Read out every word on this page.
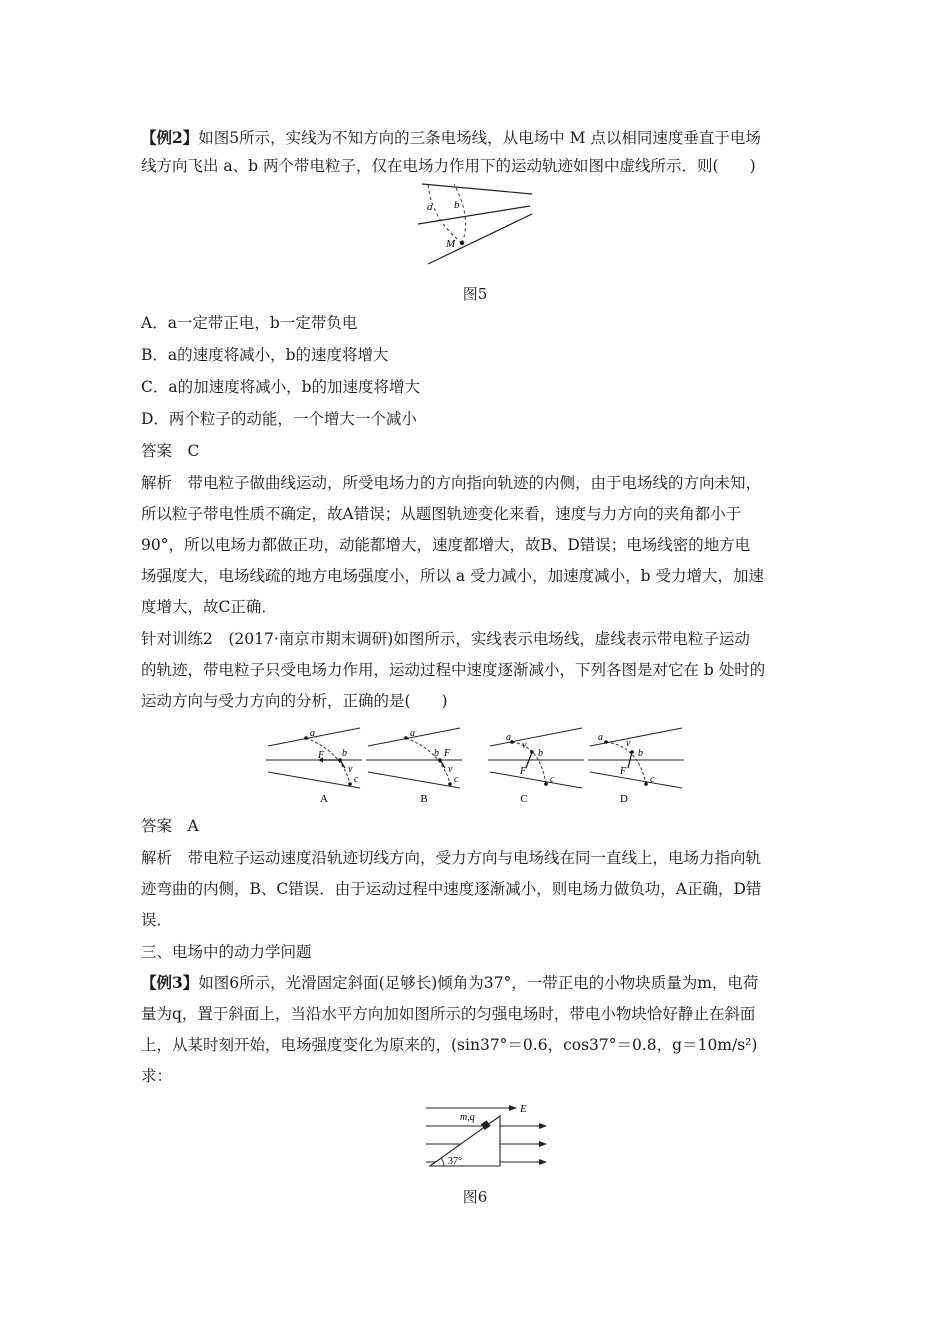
【例2】如图5所示，实线为不知方向的三条电场线，从电场中 M 点以相同速度垂直于电场
线方向飞出 a、b 两个带电粒子，仅在电场力作用下的运动轨迹如图中虚线所示．则(　　)
a b
M
图5
A．a一定带正电，b一定带负电
B．a的速度将减小，b的速度将增大
C．a的加速度将减小，b的加速度将增大
D．两个粒子的动能，一个增大一个减小
答案　C
解析　带电粒子做曲线运动，所受电场力的方向指向轨迹的内侧，由于电场线的方向未知，
所以粒子带电性质不确定，故A错误；从题图轨迹变化来看，速度与力方向的夹角都小于
90°，所以电场力都做正功，动能都增大，速度都增大，故B、D错误；电场线密的地方电
场强度大，电场线疏的地方电场强度小，所以 a 受力减小，加速度减小，b 受力增大，加速
度增大，故C正确．
针对训练2　(2017·南京市期末调研)如图所示，实线表示电场线，虚线表示带电粒子运动
的轨迹，带电粒子只受电场力作用，运动过程中速度逐渐减小，下列各图是对它在 b 处时的
运动方向与受力方向的分析，正确的是(　　)
a
F b
v
c
A
a
b F
v
c
B
a
v
b
F
c
C
a
v
b
F
c
D
答案　A
解析　带电粒子运动速度沿轨迹切线方向，受力方向与电场线在同一直线上，电场力指向轨
迹弯曲的内侧，B、C错误．由于运动过程中速度逐渐减小，则电场力做负功，A正确，D错
误．
三、电场中的动力学问题
【例3】如图6所示，光滑固定斜面(足够长)倾角为37°，一带正电的小物块质量为m，电荷
量为q，置于斜面上，当沿水平方向加如图所示的匀强电场时，带电小物块恰好静止在斜面
上，从某时刻开始，电场强度变化为原来的，(sin37°＝0.6，cos37°＝0.8，g＝10m/s²)
求：
m,q
E
37°
图6
